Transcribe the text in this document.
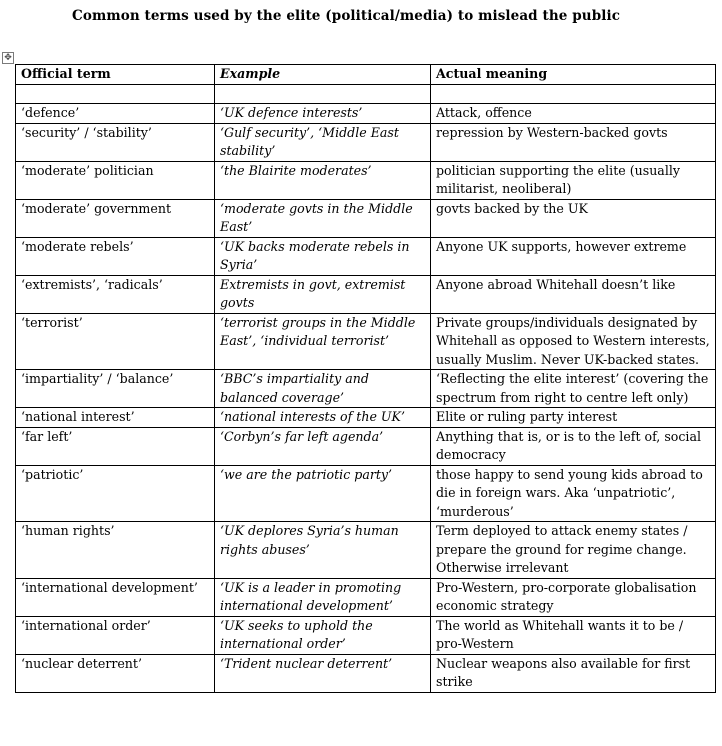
Common terms used by the elite (political/media) to mislead the public
✥
Official term	Example	Actual meaning

‘defence’	‘UK defence interests’	Attack, offence
‘security’ / ‘stability’	‘Gulf security’, ‘Middle East stability’	repression by Western-backed govts
‘moderate’ politician	‘the Blairite moderates’	politician supporting the elite (usually militarist, neoliberal)
‘moderate’ government	‘moderate govts in the Middle East’	govts backed by the UK
‘moderate rebels’	‘UK backs moderate rebels in Syria’	Anyone UK supports, however extreme
‘extremists’, ‘radicals’	Extremists in govt, extremist govts	Anyone abroad Whitehall doesn’t like
‘terrorist’	‘terrorist groups in the Middle East’, ‘individual terrorist’	Private groups/individuals designated by Whitehall as opposed to Western interests, usually Muslim. Never UK-backed states.
‘impartiality’ / ‘balance’	‘BBC’s impartiality and balanced coverage’	‘Reflecting the elite interest’ (covering the spectrum from right to centre left only)
‘national interest’	‘national interests of the UK’	Elite or ruling party interest
‘far left’	‘Corbyn’s far left agenda’	Anything that is, or is to the left of, social democracy
‘patriotic’	‘we are the patriotic party’	those happy to send young kids abroad to die in foreign wars. Aka ‘unpatriotic’, ‘murderous’
‘human rights’	‘UK deplores Syria’s human rights abuses’	Term deployed to attack enemy states / prepare the ground for regime change. Otherwise irrelevant
‘international development’	‘UK is a leader in promoting international development’	Pro-Western, pro-corporate globalisation economic strategy
‘international order’	‘UK seeks to uphold the international order’	The world as Whitehall wants it to be / pro-Western
‘nuclear deterrent’	‘Trident nuclear deterrent’	Nuclear weapons also available for first strike
